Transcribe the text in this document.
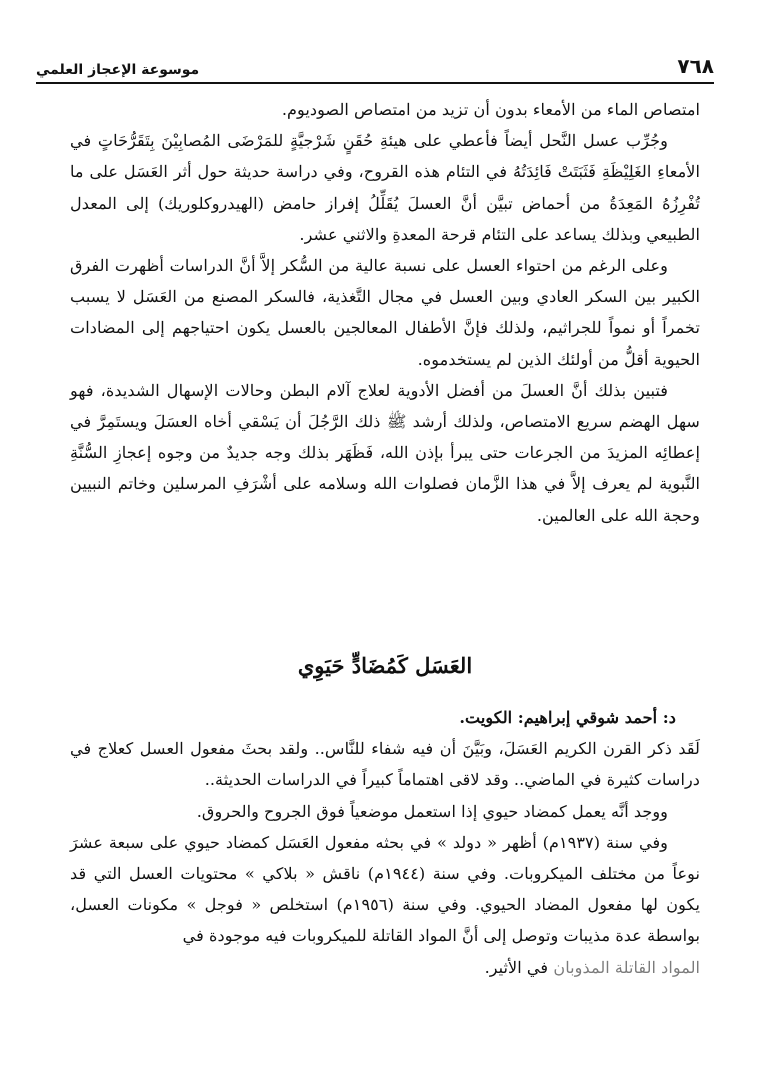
٧٦٨
موسوعة الإعجاز العلمي

امتصاص الماء من الأمعاء بدون أن تزيد من امتصاص الصوديوم.

وجُرِّب عسل النَّحل أيضاً فأعطي على هيئةِ حُقَنٍ شَرْجيَّةٍ للمَرْضَى المُصابِيْنَ بِتَقَرُّحَاتٍ في الأمعاءِ الغَلِيْظَةِ فَثَبَتَتْ فَائِدَتُهُ في التئام هذه القروح، وفي دراسة حديثة حول أثر العَسَل على ما تُفْرِزُهُ المَعِدَةُ من أحماض تبيَّن أنَّ العسلَ يُقَلِّلُ إفراز حامض (الهيدروكلوريك) إلى المعدل الطبيعي وبذلك يساعد على التئام قرحة المعدةِ والاثني عشر.

وعلى الرغم من احتواء العسل على نسبة عالية من السُّكر إلاَّ أنَّ الدراسات أظهرت الفرق الكبير بين السكر العادي وبين العسل في مجال التَّغذية، فالسكر المصنع من العَسَل لا يسبب تخمراً أو نمواً للجراثيم، ولذلك فإنَّ الأطفال المعالجين بالعسل يكون احتياجهم إلى المضادات الحيوية أقلُّ من أولئك الذين لم يستخدموه.

فتبين بذلك أنَّ العسلَ من أفضل الأدوية لعلاج آلام البطن وحالات الإسهال الشديدة، فهو سهل الهضم سريع الامتصاص، ولذلك أرشد ﷺ ذلك الرَّجُلَ أن يَسْقي أخاه العسَلَ ويستَمِرَّ في إعطائِه المزيدَ من الجرعات حتى يبرأ بإذن الله، فَظَهَر بذلك وجه جديدٌ من وجوه إعجازِ السُّنَّةِ النَّبوية لم يعرف إلاَّ في هذا الزَّمان فصلوات الله وسلامه على أشْرَفِ المرسلين وخاتم النبيين وحجة الله على العالمين.

العَسَل كَمُضَادٍّ حَيَوِي

د: أحمد شوقي إبراهيم: الكويت.

لَقَد ذكر القرن الكريم العَسَلَ، وبَيَّنَ أن فيه شفاء للنَّاس.. ولقد بحثَ مفعول العسل كعلاج في دراسات كثيرة في الماضي.. وقد لاقى اهتماماً كبيراً في الدراسات الحديثة..

ووجد أنَّه يعمل كمضاد حيوي إذا استعمل موضعياً فوق الجروح والحروق.

وفي سنة (١٩٣٧م) أظهر « دولد » في بحثه مفعول العَسَل كمضاد حيوي على سبعة عشرَ نوعاً من مختلف الميكروبات. وفي سنة (١٩٤٤م) ناقش « بلاكي » محتويات العسل التي قد يكون لها مفعول المضاد الحيوي. وفي سنة (١٩٥٦م) استخلص « فوجل » مكونات العسل، بواسطة عدة مذيبات وتوصل إلى أنَّ المواد القاتلة للميكروبات فيه موجودة في

المواد القاتلة المذوبان في الأثير.
